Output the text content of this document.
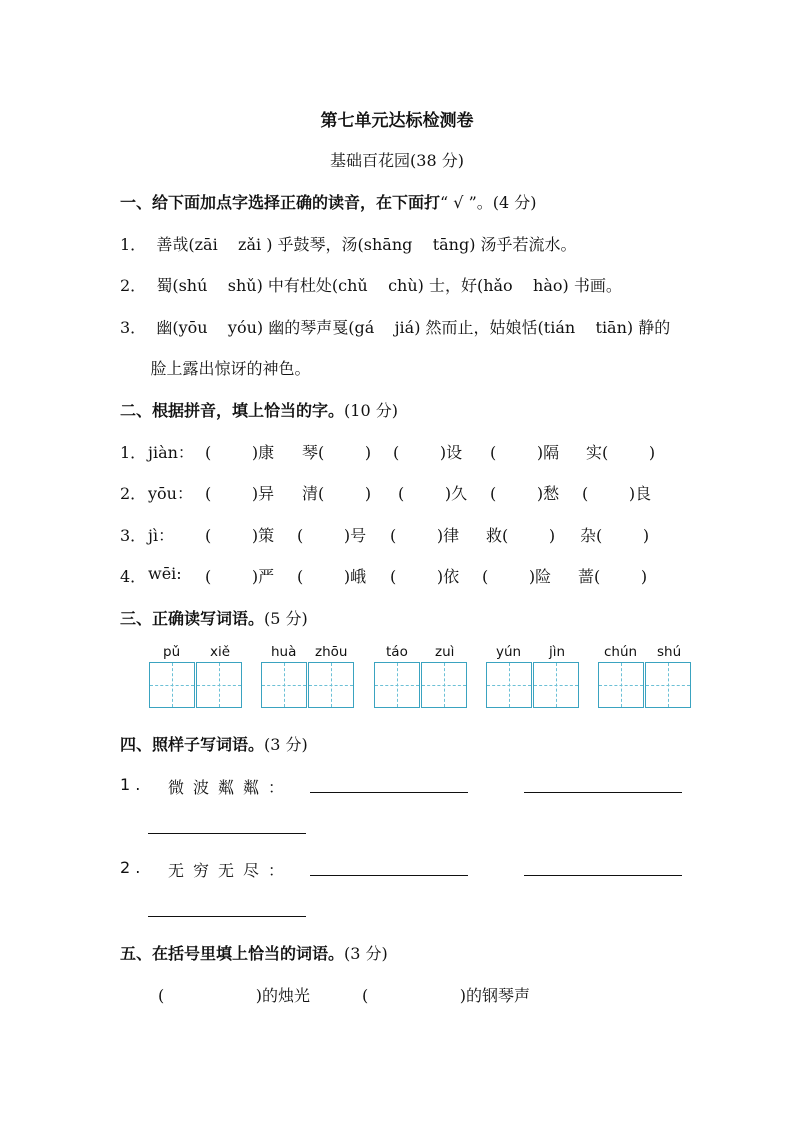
第七单元达标检测卷
基础百花园(38 分)
一、给下面加点字选择正确的读音，在下面打“ √ ”。(4 分)
1．  善哉(zāi    zǎi ) 乎鼓琴，汤(shāng    tāng) 汤乎若流水。
2．  蜀(shú    shǔ) 中有杜处(chǔ    chù) 士，好(hǎo    hào) 书画。
3．  幽(yōu    yóu) 幽的琴声戛(gá    jiá) 然而止，姑娘恬(tián    tiān) 静的
脸上露出惊讶的神色。
二、根据拼音，填上恰当的字。(10 分)
1． jiàn： (        )康 琴(        ) (        )设 (        )隔 实(        )
2． yōu： (        )异 清(        ) (        )久 (        )愁 (        )良
3． jì： (        )策 (        )号 (        )律 救(        ) 杂(        )
4． wēi: (        )严 (        )峨 (        )依 (        )险 蔷(        )
三、正确读写词语。(5 分)
pǔ xiě	huà zhōu	táo zuì	yún jìn	chún shú
四、照样子写词语。(3 分)
1 . 微波粼粼：
2 . 无穷无尽：
五、在括号里填上恰当的词语。(3 分)
(                  )的烛光	(                  )的钢琴声
